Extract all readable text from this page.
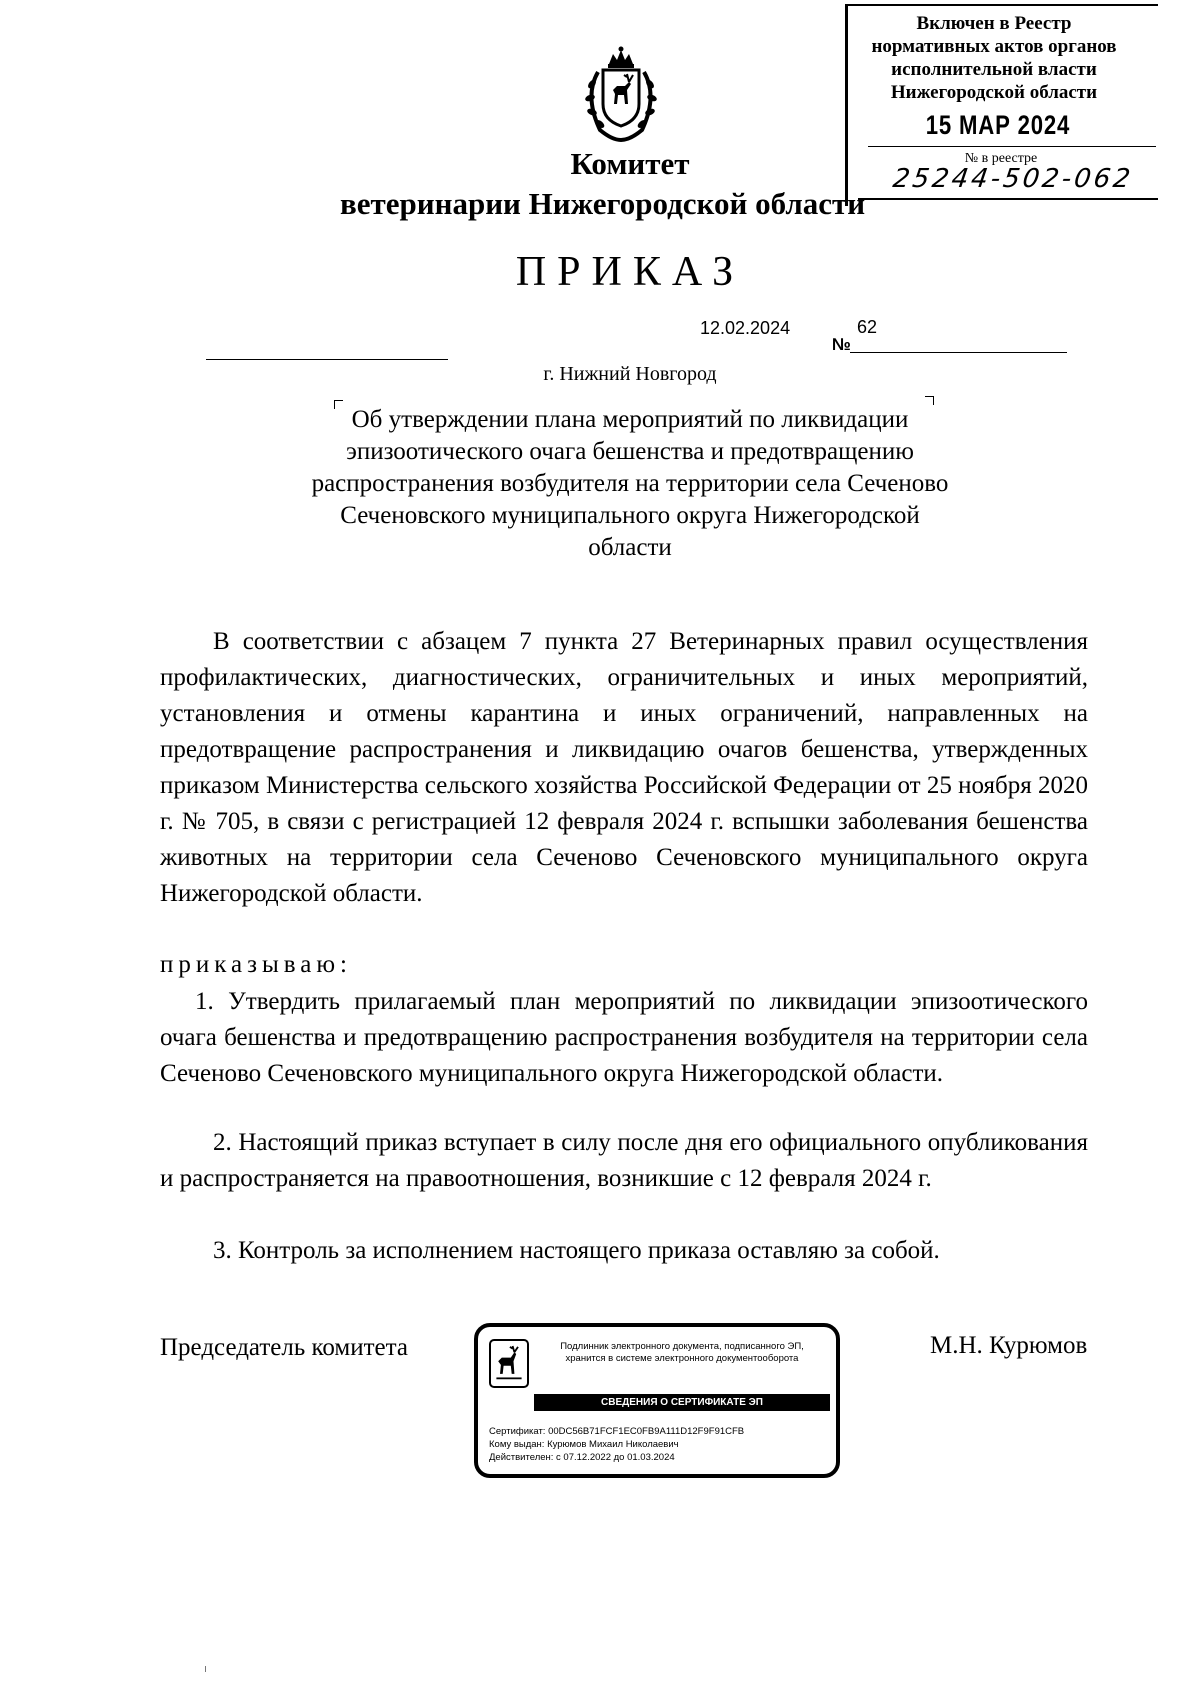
Включен в Реестр
нормативных актов органов
исполнительной власти
Нижегородской области
15 МАР 2024
№ в реестре
25244-502-062
Комитет
ветеринарии Нижегородской области
ПРИКАЗ
12.02.2024
№
62
г. Нижний Новгород
Об утверждении плана мероприятий по ликвидации эпизоотического очага бешенства и предотвращению распространения возбудителя на территории села Сеченово Сеченовского муниципального округа Нижегородской области
В соответствии с абзацем 7 пункта 27 Ветеринарных правил осуществления профилактических, диагностических, ограничительных и иных мероприятий, установления и отмены карантина и иных ограничений, направленных на предотвращение распространения и ликвидацию очагов бешенства, утвержденных приказом Министерства сельского хозяйства Российской Федерации от 25 ноября 2020 г. № 705, в связи с регистрацией 12 февраля 2024 г. вспышки заболевания бешенства животных на территории села Сеченово Сеченовского муниципального округа Нижегородской области.
приказываю:
1. Утвердить прилагаемый план мероприятий по ликвидации эпизоотического очага бешенства и предотвращению распространения возбудителя на территории села Сеченово Сеченовского муниципального округа Нижегородской области.
2. Настоящий приказ вступает в силу после дня его официального опубликования и распространяется на правоотношения, возникшие с 12 февраля 2024 г.
3. Контроль за исполнением настоящего приказа оставляю за собой.
Председатель комитета	М.Н. Курюмов
Подлинник электронного документа, подписанного ЭП,
хранится в системе электронного документооборота
СВЕДЕНИЯ О СЕРТИФИКАТЕ ЭП
Сертификат: 00DC56B71FCF1EC0FB9A111D12F9F91CFB
Кому выдан: Курюмов Михаил Николаевич
Действителен: с 07.12.2022 до 01.03.2024
